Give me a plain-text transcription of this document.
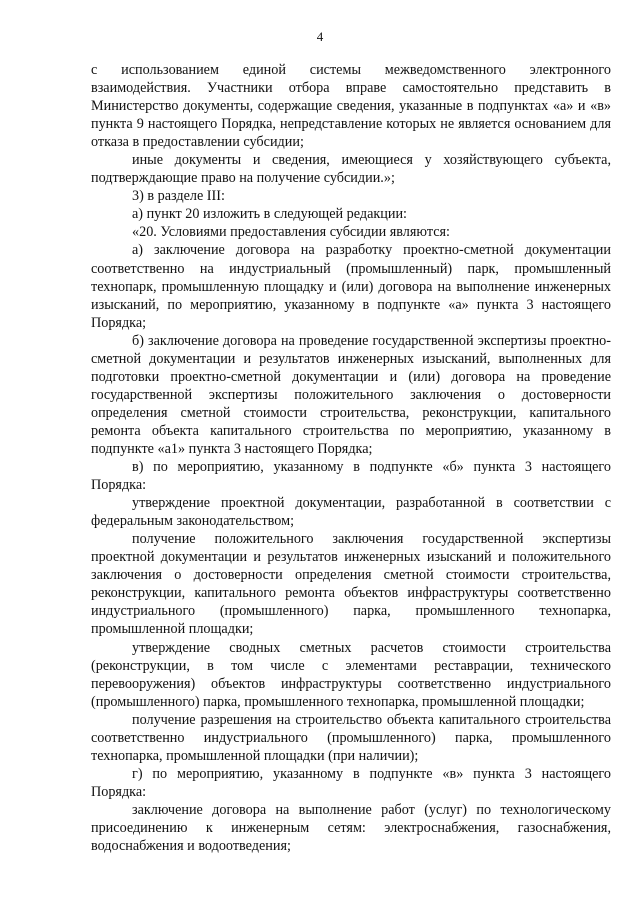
4

с использованием единой системы межведомственного электронного взаимодействия. Участники отбора вправе самостоятельно представить в Министерство документы, содержащие сведения, указанные в подпунктах «а» и «в» пункта 9 настоящего Порядка, непредставление которых не является основанием для отказа в предоставлении субсидии;

иные документы и сведения, имеющиеся у хозяйствующего субъекта, подтверждающие право на получение субсидии.»;

3) в разделе III:

а) пункт 20 изложить в следующей редакции:

«20. Условиями предоставления субсидии являются:

а) заключение договора на разработку проектно-сметной документации соответственно на индустриальный (промышленный) парк, промышленный технопарк, промышленную площадку и (или) договора на выполнение инженерных изысканий, по мероприятию, указанному в подпункте «а» пункта 3 настоящего Порядка;

б) заключение договора на проведение государственной экспертизы проектно-сметной документации и результатов инженерных изысканий, выполненных для подготовки проектно-сметной документации и (или) договора на проведение государственной экспертизы положительного заключения о достоверности определения сметной стоимости строительства, реконструкции, капитального ремонта объекта капитального строительства по мероприятию, указанному в подпункте «а1» пункта 3 настоящего Порядка;

в) по мероприятию, указанному в подпункте «б» пункта 3 настоящего Порядка:

утверждение проектной документации, разработанной в соответствии с федеральным законодательством;

получение положительного заключения государственной экспертизы проектной документации и результатов инженерных изысканий и положительного заключения о достоверности определения сметной стоимости строительства, реконструкции, капитального ремонта объектов инфраструктуры соответственно индустриального (промышленного) парка, промышленного технопарка, промышленной площадки;

утверждение сводных сметных расчетов стоимости строительства (реконструкции, в том числе с элементами реставрации, технического перевооружения) объектов инфраструктуры соответственно индустриального (промышленного) парка, промышленного технопарка, промышленной площадки;

получение разрешения на строительство объекта капитального строительства соответственно индустриального (промышленного) парка, промышленного технопарка, промышленной площадки (при наличии);

г) по мероприятию, указанному в подпункте «в» пункта 3 настоящего Порядка:

заключение договора на выполнение работ (услуг) по технологическому присоединению к инженерным сетям: электроснабжения, газоснабжения, водоснабжения и водоотведения;
